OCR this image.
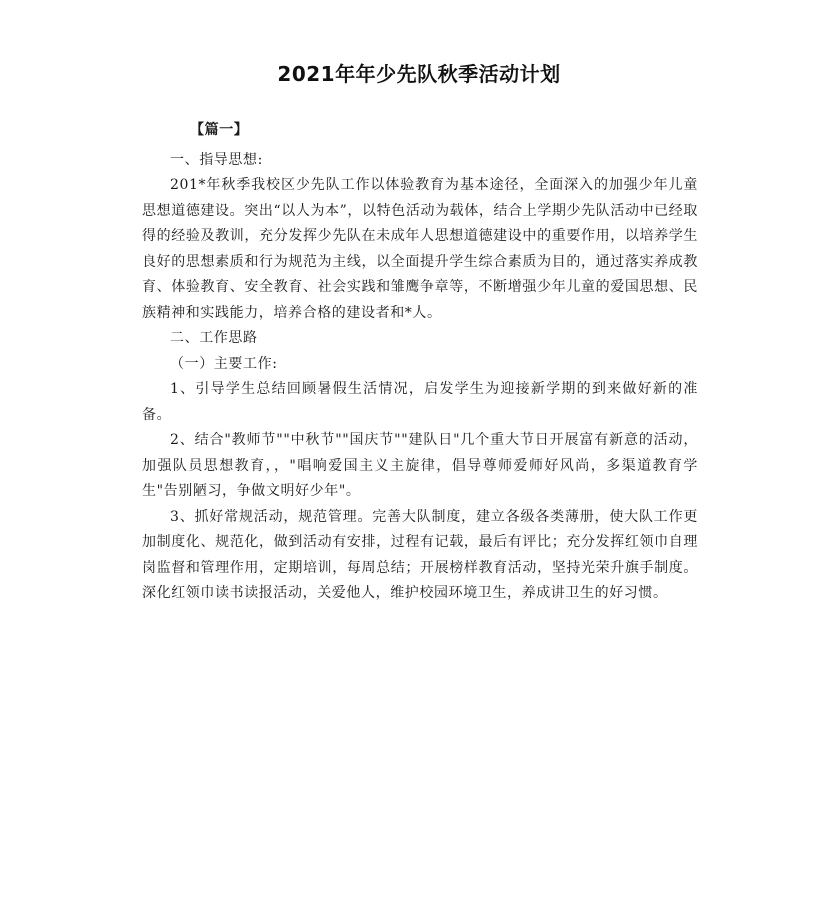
2021年年少先队秋季活动计划

【篇一】

一、指导思想:

201*年秋季我校区少先队工作以体验教育为基本途径，全面深入的加强少年儿童思想道德建设。突出“以人为本”，以特色活动为载体，结合上学期少先队活动中已经取得的经验及教训，充分发挥少先队在未成年人思想道德建设中的重要作用，以培养学生良好的思想素质和行为规范为主线，以全面提升学生综合素质为目的，通过落实养成教育、体验教育、安全教育、社会实践和雏鹰争章等，不断增强少年儿童的爱国思想、民族精神和实践能力，培养合格的建设者和*人。

二、工作思路

（一）主要工作:

1、引导学生总结回顾暑假生活情况，启发学生为迎接新学期的到来做好新的准备。

2、结合"教师节""中秋节""国庆节""建队日"几个重大节日开展富有新意的活动，加强队员思想教育，，"唱响爱国主义主旋律，倡导尊师爱师好风尚，多渠道教育学生"告别陋习，争做文明好少年"。

3、抓好常规活动，规范管理。完善大队制度，建立各级各类薄册，使大队工作更加制度化、规范化，做到活动有安排，过程有记载，最后有评比；充分发挥红领巾自理岗监督和管理作用，定期培训，每周总结；开展榜样教育活动，坚持光荣升旗手制度。深化红领巾读书读报活动，关爱他人，维护校园环境卫生，养成讲卫生的好习惯。
